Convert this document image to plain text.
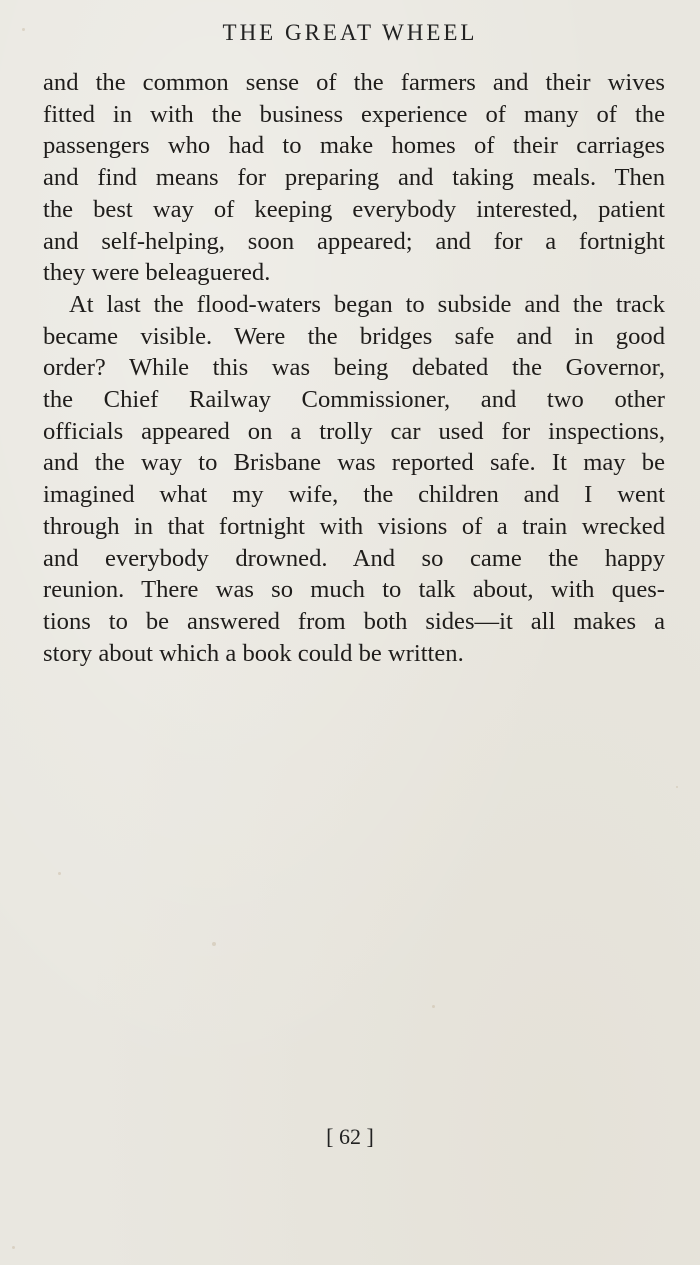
THE GREAT WHEEL

and the common sense of the farmers and their wives
fitted in with the business experience of many of the
passengers who had to make homes of their carriages
and find means for preparing and taking meals. Then
the best way of keeping everybody interested, patient
and self-helping, soon appeared; and for a fortnight
they were beleaguered.

At last the flood-waters began to subside and the track
became visible. Were the bridges safe and in good
order? While this was being debated the Governor,
the Chief Railway Commissioner, and two other
officials appeared on a trolly car used for inspections,
and the way to Brisbane was reported safe. It may be
imagined what my wife, the children and I went
through in that fortnight with visions of a train wrecked
and everybody drowned. And so came the happy
reunion. There was so much to talk about, with ques-
tions to be answered from both sides—it all makes a
story about which a book could be written.

[ 62 ]
